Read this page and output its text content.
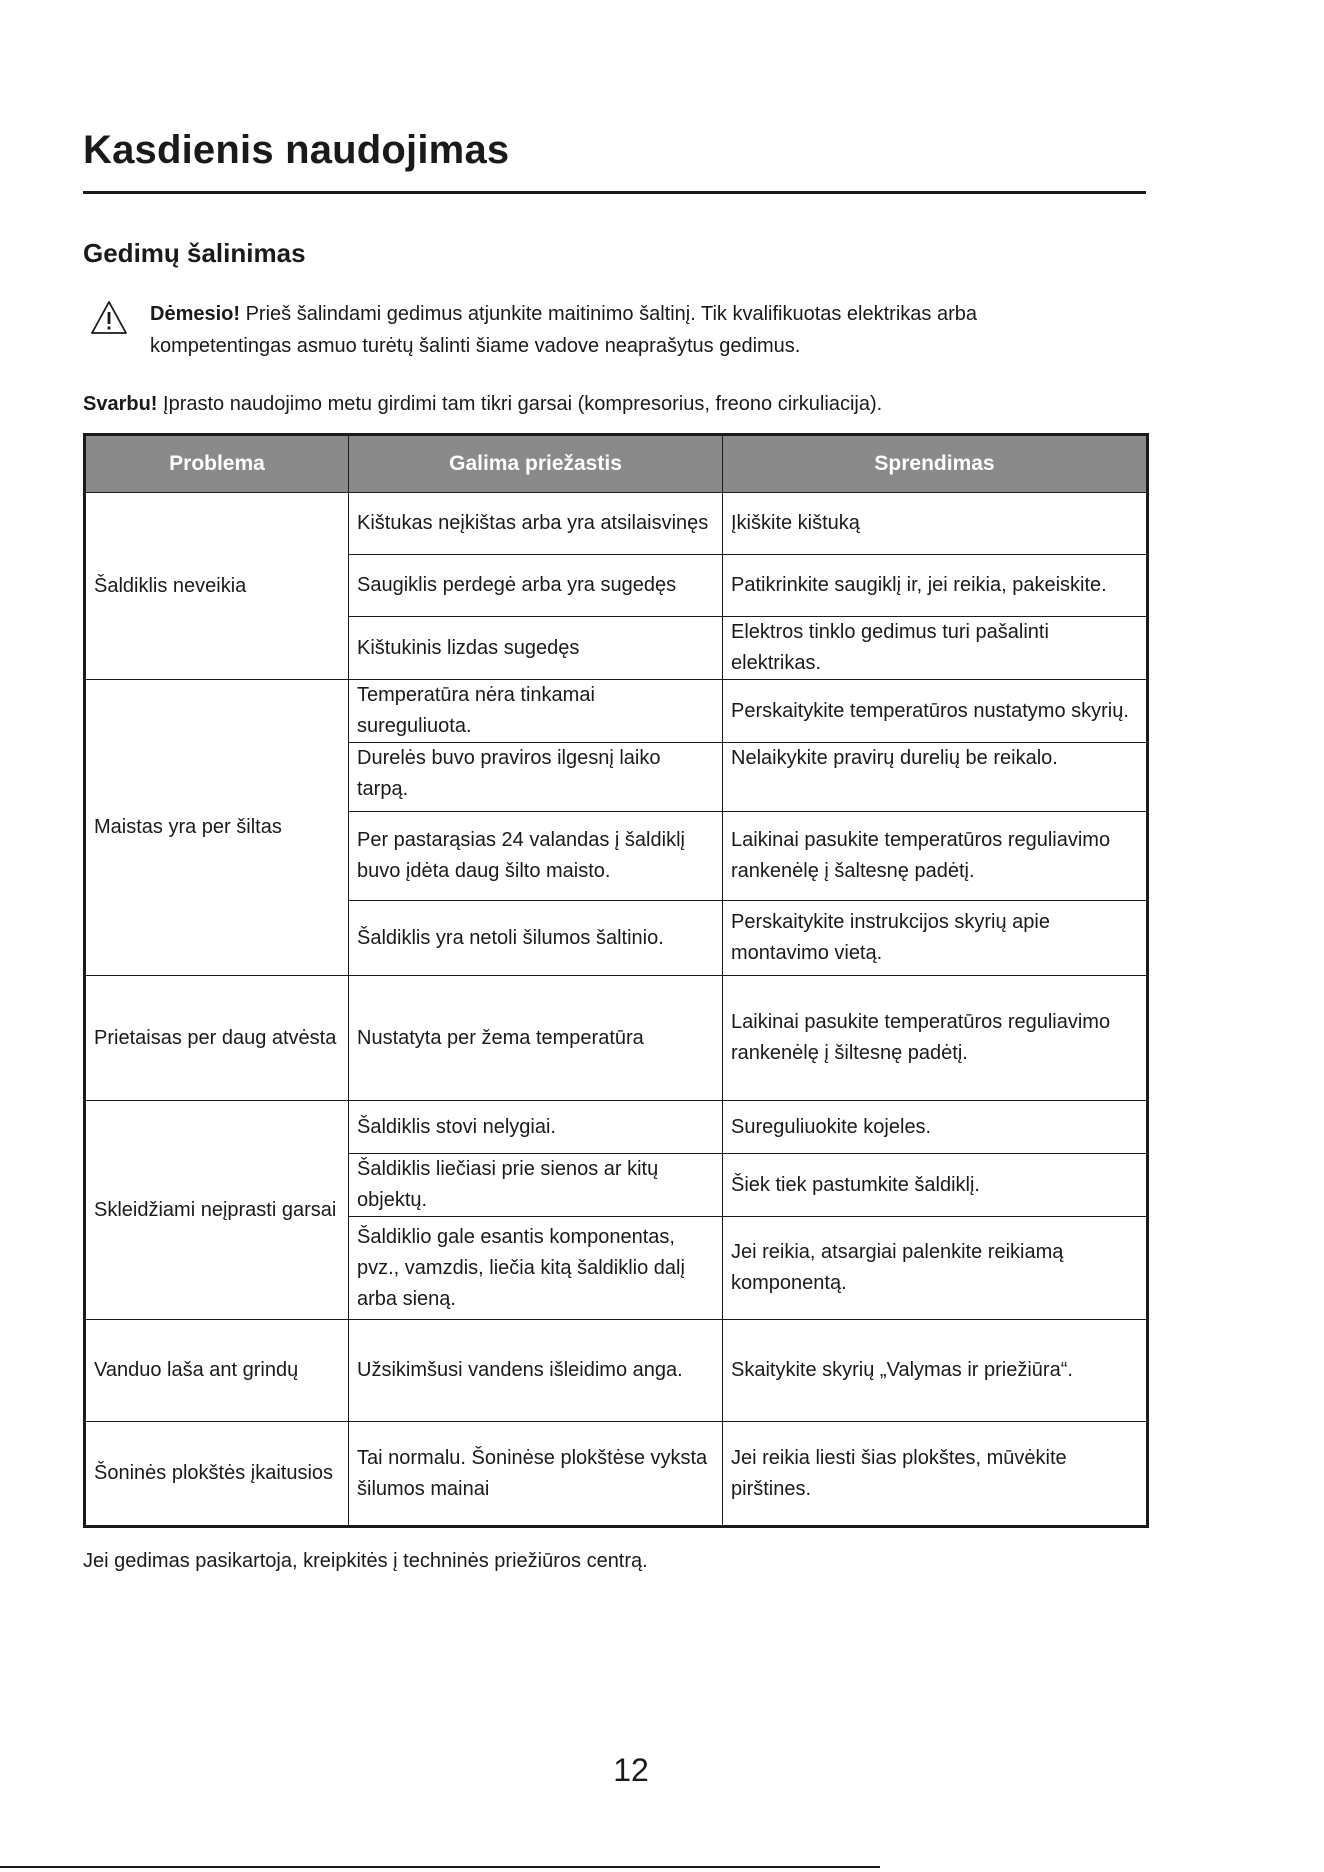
Kasdienis naudojimas
Gedimų šalinimas
Dėmesio! Prieš šalindami gedimus atjunkite maitinimo šaltinį. Tik kvalifikuotas elektrikas arba
kompetentingas asmuo turėtų šalinti šiame vadove neaprašytus gedimus.
Svarbu! Įprasto naudojimo metu girdimi tam tikri garsai (kompresorius, freono cirkuliacija).
Problema	Galima priežastis	Sprendimas
Šaldiklis neveikia	Kištukas neįkištas arba yra atsilaisvinęs	Įkiškite kištuką
	Saugiklis perdegė arba yra sugedęs	Patikrinkite saugiklį ir, jei reikia, pakeiskite.
	Kištukinis lizdas sugedęs	Elektros tinklo gedimus turi pašalinti elektrikas.
Maistas yra per šiltas	Temperatūra nėra tinkamai sureguliuota.	Perskaitykite temperatūros nustatymo skyrių.
	Durelės buvo praviros ilgesnį laiko tarpą.	Nelaikykite pravirų durelių be reikalo.
	Per pastarąsias 24 valandas į šaldiklį buvo įdėta daug šilto maisto.	Laikinai pasukite temperatūros reguliavimo rankenėlę į šaltesnę padėtį.
	Šaldiklis yra netoli šilumos šaltinio.	Perskaitykite instrukcijos skyrių apie montavimo vietą.
Prietaisas per daug atvėsta	Nustatyta per žema temperatūra	Laikinai pasukite temperatūros reguliavimo rankenėlę į šiltesnę padėtį.
Skleidžiami neįprasti garsai	Šaldiklis stovi nelygiai.	Sureguliuokite kojeles.
	Šaldiklis liečiasi prie sienos ar kitų objektų.	Šiek tiek pastumkite šaldiklį.
	Šaldiklio gale esantis komponentas, pvz., vamzdis, liečia kitą šaldiklio dalį arba sieną.	Jei reikia, atsargiai palenkite reikiamą komponentą.
Vanduo laša ant grindų	Užsikimšusi vandens išleidimo anga.	Skaitykite skyrių „Valymas ir priežiūra“.
Šoninės plokštės įkaitusios	Tai normalu. Šoninėse plokštėse vyksta šilumos mainai	Jei reikia liesti šias plokštes, mūvėkite pirštines.
Jei gedimas pasikartoja, kreipkitės į techninės priežiūros centrą.
12
